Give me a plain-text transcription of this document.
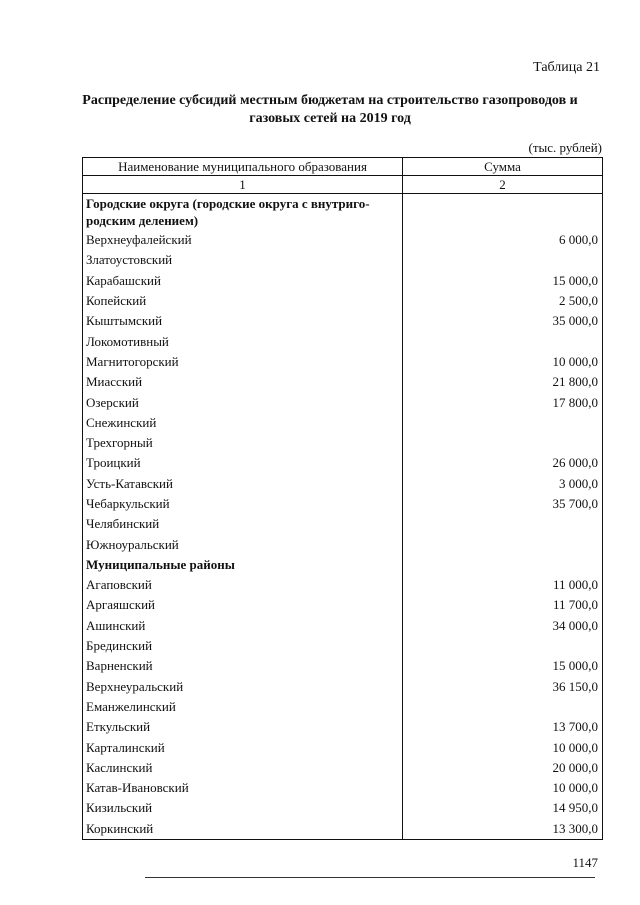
Таблица 21
Распределение субсидий местным бюджетам на строительство газопроводов и
газовых сетей на 2019 год
(тыс. рублей)
Наименование муниципального образования	Сумма
1	2
Городские округа (городские округа с внутриго-родским делением)	
Верхнеуфалейский	6 000,0
Златоустовский	
Карабашский	15 000,0
Копейский	2 500,0
Кыштымский	35 000,0
Локомотивный	
Магнитогорский	10 000,0
Миасский	21 800,0
Озерский	17 800,0
Снежинский	
Трехгорный	
Троицкий	26 000,0
Усть-Катавский	3 000,0
Чебаркульский	35 700,0
Челябинский	
Южноуральский	
Муниципальные районы	
Агаповский	11 000,0
Аргаяшский	11 700,0
Ашинский	34 000,0
Брединский	
Варненский	15 000,0
Верхнеуральский	36 150,0
Еманжелинский	
Еткульский	13 700,0
Карталинский	10 000,0
Каслинский	20 000,0
Катав-Ивановский	10 000,0
Кизильский	14 950,0
Коркинский	13 300,0
1147
